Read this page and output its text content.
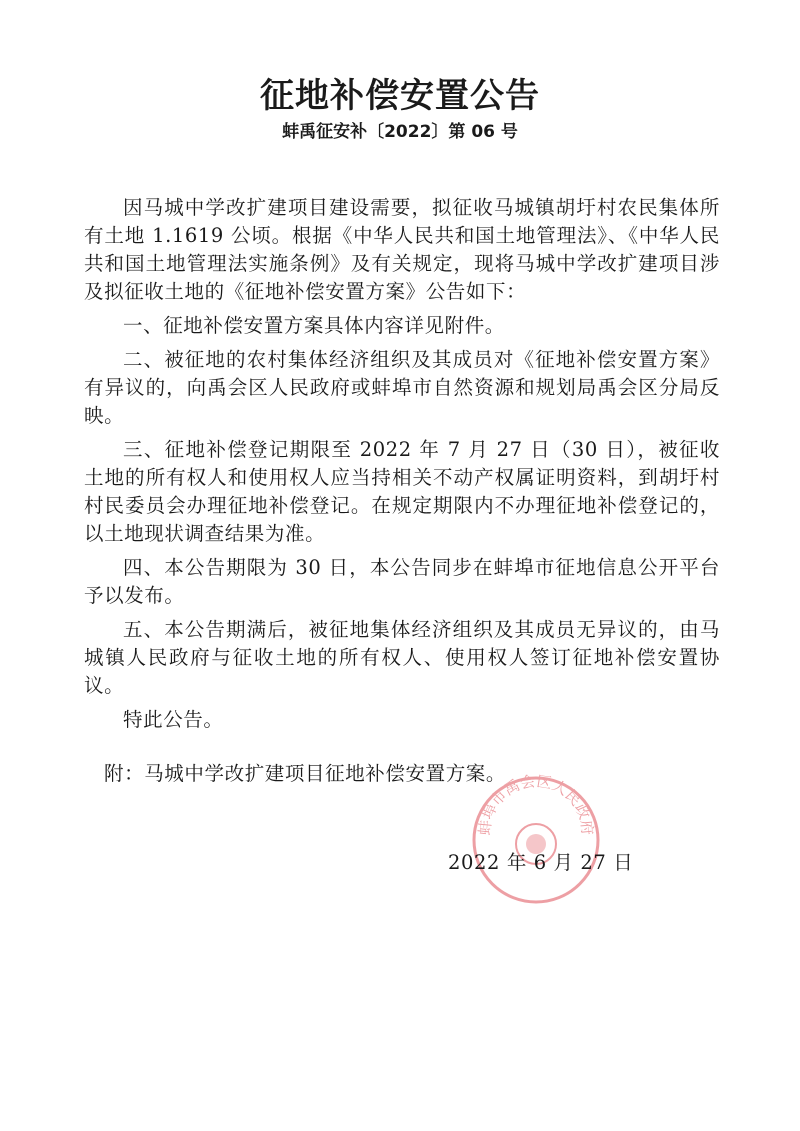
征地补偿安置公告
蚌禹征安补〔2022〕第 06 号

因马城中学改扩建项目建设需要，拟征收马城镇胡圩村农民集体所有土地 1.1619 公顷。根据《中华人民共和国土地管理法》、《中华人民共和国土地管理法实施条例》及有关规定，现将马城中学改扩建项目涉及拟征收土地的《征地补偿安置方案》公告如下：

一、征地补偿安置方案具体内容详见附件。

二、被征地的农村集体经济组织及其成员对《征地补偿安置方案》有异议的，向禹会区人民政府或蚌埠市自然资源和规划局禹会区分局反映。

三、征地补偿登记期限至 2022 年 7 月 27 日（30 日），被征收土地的所有权人和使用权人应当持相关不动产权属证明资料，到胡圩村村民委员会办理征地补偿登记。在规定期限内不办理征地补偿登记的，以土地现状调查结果为准。

四、本公告期限为 30 日，本公告同步在蚌埠市征地信息公开平台予以发布。

五、本公告期满后，被征地集体经济组织及其成员无异议的，由马城镇人民政府与征收土地的所有权人、使用权人签订征地补偿安置协议。

特此公告。

附：马城中学改扩建项目征地补偿安置方案。
蚌埠市禹会区人民政府
2022 年 6 月 27 日
